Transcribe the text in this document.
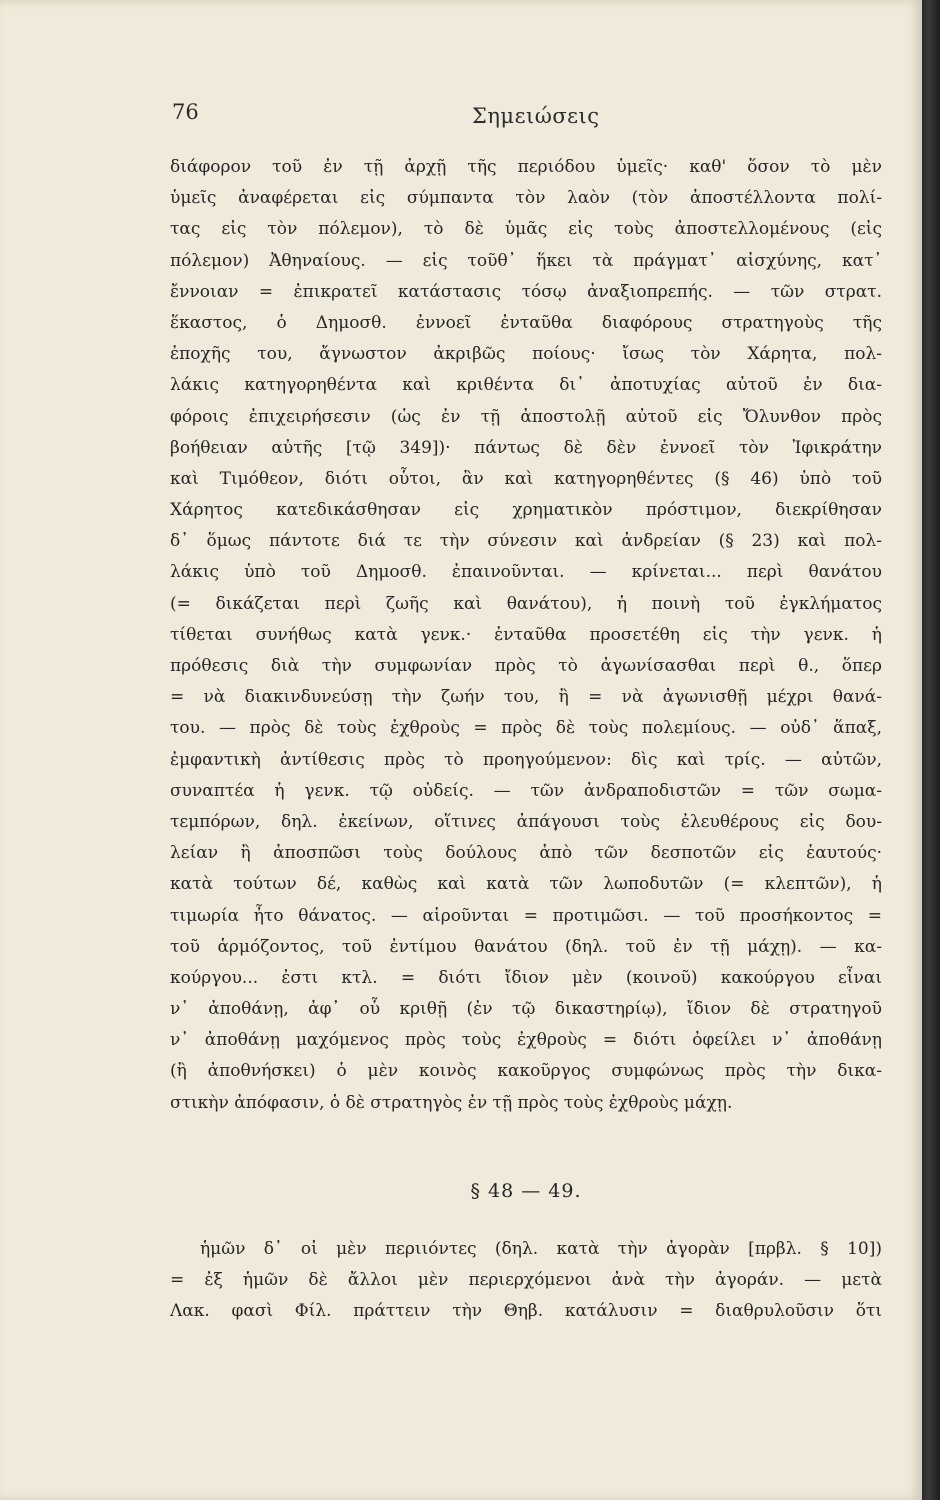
76	Σημειώσεις
διάφορον τοῦ ἐν τῇ ἀρχῇ τῆς περιόδου ὑμεῖς· καθ' ὅσον τὸ μὲν
ὑμεῖς ἀναφέρεται εἰς σύμπαντα τὸν λαὸν (τὸν ἀποστέλλοντα πολί-
τας εἰς τὸν πόλεμον), τὸ δὲ ὑμᾶς εἰς τοὺς ἀποστελλομένους (εἰς
πόλεμον) Ἀθηναίους. — εἰς τοῦθ᾽ ἥκει τὰ πράγματ᾽ αἰσχύνης, κατ᾽
ἔννοιαν = ἐπικρατεῖ κατάστασις τόσῳ ἀναξιοπρεπής. — τῶν στρατ.
ἕκαστος, ὁ Δημοσθ. ἐννοεῖ ἐνταῦθα διαφόρους στρατηγοὺς τῆς
ἐποχῆς του, ἄγνωστον ἀκριβῶς ποίους· ἴσως τὸν Χάρητα, πολ-
λάκις κατηγορηθέντα καὶ κριθέντα δι᾽ ἀποτυχίας αὐτοῦ ἐν δια-
φόροις ἐπιχειρήσεσιν (ὡς ἐν τῇ ἀποστολῇ αὐτοῦ εἰς Ὄλυνθον πρὸς
βοήθειαν αὐτῆς [τῷ 349])· πάντως δὲ δὲν ἐννοεῖ τὸν Ἰφικράτην
καὶ Τιμόθεον, διότι οὗτοι, ἂν καὶ κατηγορηθέντες (§ 46) ὑπὸ τοῦ
Χάρητος κατεδικάσθησαν εἰς χρηματικὸν πρόστιμον, διεκρίθησαν
δ᾽ ὅμως πάντοτε διά τε τὴν σύνεσιν καὶ ἀνδρείαν (§ 23) καὶ πολ-
λάκις ὑπὸ τοῦ Δημοσθ. ἐπαινοῦνται. — κρίνεται... περὶ θανάτου
(= δικάζεται περὶ ζωῆς καὶ θανάτου), ἡ ποινὴ τοῦ ἐγκλήματος
τίθεται συνήθως κατὰ γενκ.· ἐνταῦθα προσετέθη εἰς τὴν γενκ. ἡ
πρόθεσις διὰ τὴν συμφωνίαν πρὸς τὸ ἀγωνίσασθαι περὶ θ., ὅπερ
= νὰ διακινδυνεύσῃ τὴν ζωήν του, ἢ = νὰ ἀγωνισθῇ μέχρι θανά-
του. — πρὸς δὲ τοὺς ἐχθροὺς = πρὸς δὲ τοὺς πολεμίους. — οὐδ᾽ ἅπαξ,
ἐμφαντικὴ ἀντίθεσις πρὸς τὸ προηγούμενον: δὶς καὶ τρίς. — αὐτῶν,
συναπτέα ἡ γενκ. τῷ οὐδείς. — τῶν ἀνδραποδιστῶν = τῶν σωμα-
τεμπόρων, δηλ. ἐκείνων, οἵτινες ἀπάγουσι τοὺς ἐλευθέρους εἰς δου-
λείαν ἢ ἀποσπῶσι τοὺς δούλους ἀπὸ τῶν δεσποτῶν εἰς ἑαυτούς·
κατὰ τούτων δέ, καθὼς καὶ κατὰ τῶν λωποδυτῶν (= κλεπτῶν), ἡ
τιμωρία ἦτο θάνατος. — αἱροῦνται = προτιμῶσι. — τοῦ προσήκοντος =
τοῦ ἁρμόζοντος, τοῦ ἐντίμου θανάτου (δηλ. τοῦ ἐν τῇ μάχῃ). — κα-
κούργου... ἐστι κτλ. = διότι ἴδιον μὲν (κοινοῦ) κακούργου εἶναι
ν᾽ ἀποθάνῃ, ἀφ᾽ οὗ κριθῇ (ἐν τῷ δικαστηρίῳ), ἴδιον δὲ στρατηγοῦ
ν᾽ ἀποθάνῃ μαχόμενος πρὸς τοὺς ἐχθροὺς = διότι ὀφείλει ν᾽ ἀποθάνῃ
(ἢ ἀποθνήσκει) ὁ μὲν κοινὸς κακοῦργος συμφώνως πρὸς τὴν δικα-
στικὴν ἀπόφασιν, ὁ δὲ στρατηγὸς ἐν τῇ πρὸς τοὺς ἐχθροὺς μάχῃ.
§ 48 — 49.
ἡμῶν δ᾽ οἱ μὲν περιιόντες (δηλ. κατὰ τὴν ἀγορὰν [πρβλ. § 10])
= ἐξ ἡμῶν δὲ ἄλλοι μὲν περιερχόμενοι ἀνὰ τὴν ἀγοράν. — μετὰ
Λακ. φασὶ Φίλ. πράττειν τὴν Θηβ. κατάλυσιν = διαθρυλοῦσιν ὅτι
